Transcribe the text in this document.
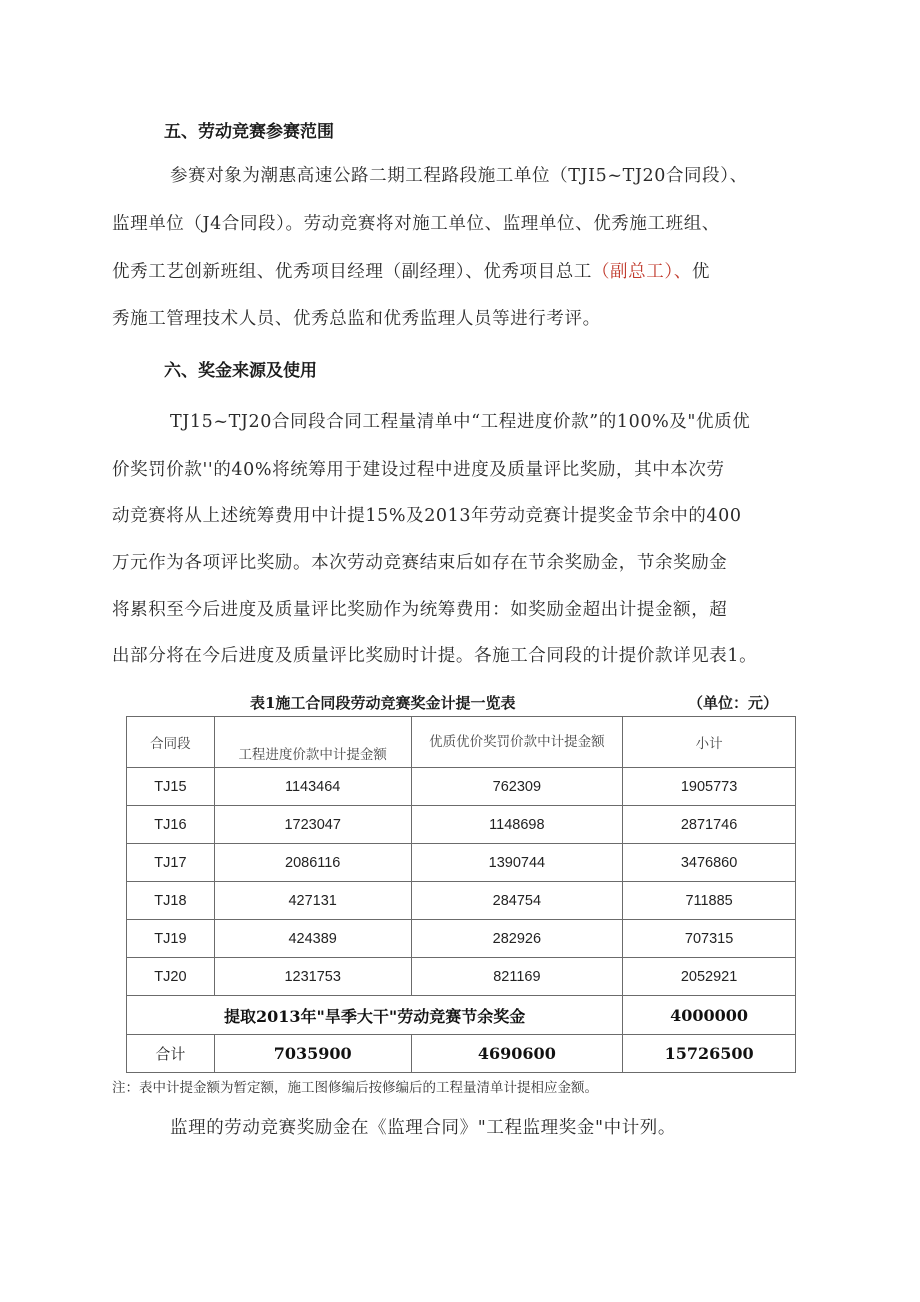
五、劳动竞赛参赛范围
参赛对象为潮惠高速公路二期工程路段施工单位（TJI5~TJ20合同段）、
监理单位（J4合同段）。劳动竞赛将对施工单位、监理单位、优秀施工班组、
优秀工艺创新班组、优秀项目经理（副经理）、优秀项目总工（副总工）、优
秀施工管理技术人员、优秀总监和优秀监理人员等进行考评。
六、奖金来源及使用
TJ15~TJ20合同段合同工程量清单中“工程进度价款”的100%及"优质优
价奖罚价款''的40%将统筹用于建设过程中进度及质量评比奖励，其中本次劳
动竞赛将从上述统筹费用中计提15%及2013年劳动竞赛计提奖金节余中的400
万元作为各项评比奖励。本次劳动竞赛结束后如存在节余奖励金，节余奖励金
将累积至今后进度及质量评比奖励作为统筹费用：如奖励金超出计提金额，超
出部分将在今后进度及质量评比奖励时计提。各施工合同段的计提价款详见表1。
表1施工合同段劳动竞赛奖金计提一览表	（单位：元）
合同段	工程进度价款中计提金额	优质优价奖罚价款中计提金额	小计
TJ15	1143464	762309	1905773
TJ16	1723047	1148698	2871746
TJ17	2086116	1390744	3476860
TJ18	427131	284754	711885
TJ19	424389	282926	707315
TJ20	1231753	821169	2052921
提取2013年"旱季大干"劳动竞赛节余奖金			4000000
合计	7035900	4690600	15726500
注：表中计提金额为暂定额，施工图修编后按修编后的工程量清单计提相应金额。
监理的劳动竞赛奖励金在《监理合同》"工程监理奖金"中计列。
